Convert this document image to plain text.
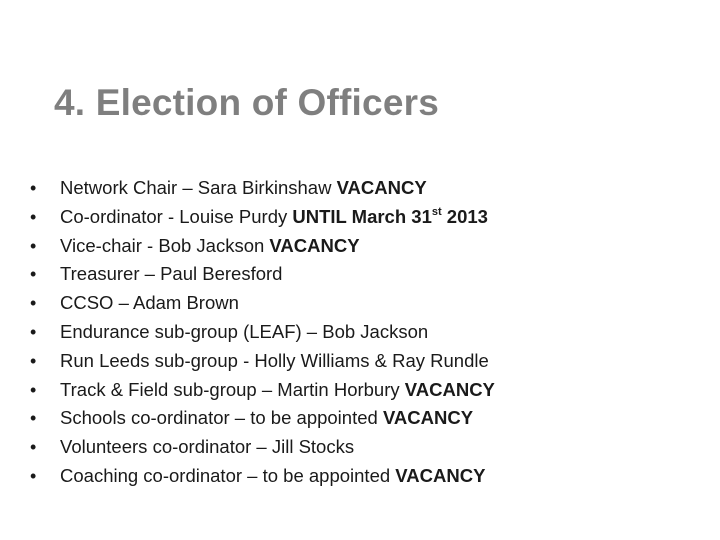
4. Election of Officers
•	Network Chair – Sara Birkinshaw VACANCY
•	Co-ordinator - Louise Purdy UNTIL March 31st 2013
•	Vice-chair - Bob Jackson VACANCY
•	Treasurer – Paul Beresford
•	CCSO – Adam Brown
•	Endurance sub-group (LEAF) – Bob Jackson
•	Run Leeds sub-group - Holly Williams & Ray Rundle
•	Track & Field sub-group – Martin Horbury VACANCY
•	Schools co-ordinator – to be appointed VACANCY
•	Volunteers co-ordinator – Jill Stocks
•	Coaching co-ordinator – to be appointed VACANCY
